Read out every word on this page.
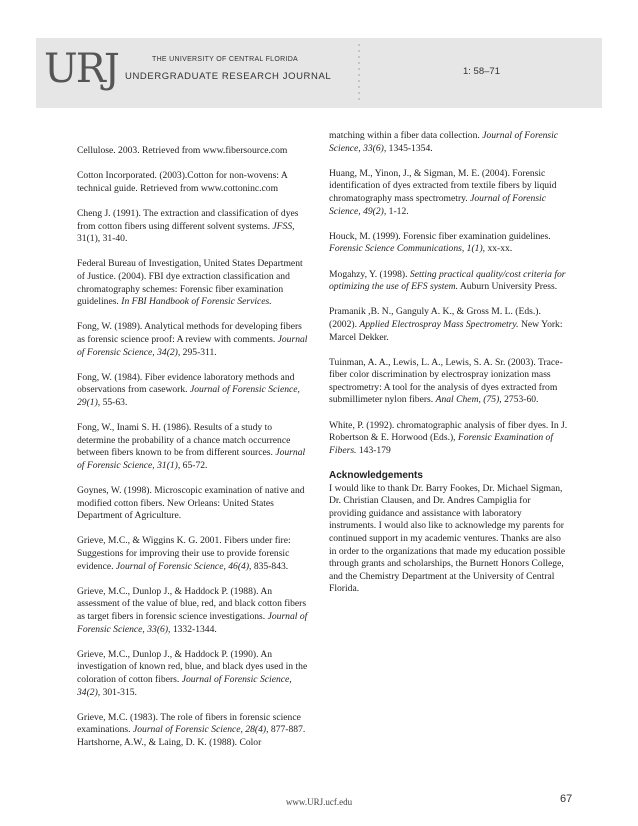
URJ	THE UNIVERSITY OF CENTRAL FLORIDA
UNDERGRADUATE RESEARCH JOURNAL	1: 58–71

Cellulose. 2003. Retrieved from www.fibersource.com

Cotton Incorporated. (2003).Cotton for non-wovens: A technical guide. Retrieved from www.cottoninc.com

Cheng J. (1991). The extraction and classification of dyes from cotton fibers using different solvent systems. JFSS, 31(1), 31-40.

Federal Bureau of Investigation, United States Department of Justice. (2004). FBI dye extraction classification and chromatography schemes: Forensic fiber examination guidelines. In FBI Handbook of Forensic Services.

Fong, W. (1989). Analytical methods for developing fibers as forensic science proof: A review with comments. Journal of Forensic Science, 34(2), 295-311.

Fong, W. (1984). Fiber evidence laboratory methods and observations from casework. Journal of Forensic Science, 29(1), 55-63.

Fong, W., Inami S. H. (1986). Results of a study to determine the probability of a chance match occurrence between fibers known to be from different sources. Journal of Forensic Science, 31(1), 65-72.

Goynes, W. (1998). Microscopic examination of native and modified cotton fibers. New Orleans: United States Department of Agriculture.

Grieve, M.C., & Wiggins K. G. 2001. Fibers under fire: Suggestions for improving their use to provide forensic evidence. Journal of Forensic Science, 46(4), 835-843.

Grieve, M.C., Dunlop J., & Haddock P. (1988). An assessment of the value of blue, red, and black cotton fibers as target fibers in forensic science investigations. Journal of Forensic Science, 33(6), 1332-1344.

Grieve, M.C., Dunlop J., & Haddock P. (1990). An investigation of known red, blue, and black dyes used in the coloration of cotton fibers. Journal of Forensic Science, 34(2), 301-315.

Grieve, M.C. (1983). The role of fibers in forensic science examinations. Journal of Forensic Science, 28(4), 877-887.

Hartshorne, A.W., & Laing, D. K. (1988). Color

matching within a fiber data collection. Journal of Forensic Science, 33(6), 1345-1354.

Huang, M., Yinon, J., & Sigman, M. E. (2004). Forensic identification of dyes extracted from textile fibers by liquid chromatography mass spectrometry. Journal of Forensic Science, 49(2), 1-12.

Houck, M. (1999). Forensic fiber examination guidelines. Forensic Science Communications, 1(1), xx-xx.

Mogahzy, Y. (1998). Setting practical quality/cost criteria for optimizing the use of EFS system. Auburn University Press.

Pramanik ,B. N., Ganguly A. K., & Gross M. L. (Eds.). (2002). Applied Electrospray Mass Spectrometry. New York: Marcel Dekker.

Tuinman, A. A., Lewis, L. A., Lewis, S. A. Sr. (2003). Trace-fiber color discrimination by electrospray ionization mass spectrometry: A tool for the analysis of dyes extracted from submillimeter nylon fibers. Anal Chem, (75), 2753-60.

White, P. (1992). chromatographic analysis of fiber dyes. In J. Robertson & E. Horwood (Eds.), Forensic Examination of Fibers. 143-179

Acknowledgements

I would like to thank Dr. Barry Fookes, Dr. Michael Sigman, Dr. Christian Clausen, and Dr. Andres Campiglia for providing guidance and assistance with laboratory instruments. I would also like to acknowledge my parents for continued support in my academic ventures. Thanks are also in order to the organizations that made my education possible through grants and scholarships, the Burnett Honors College, and the Chemistry Department at the University of Central Florida.

www.URJ.ucf.edu	67
